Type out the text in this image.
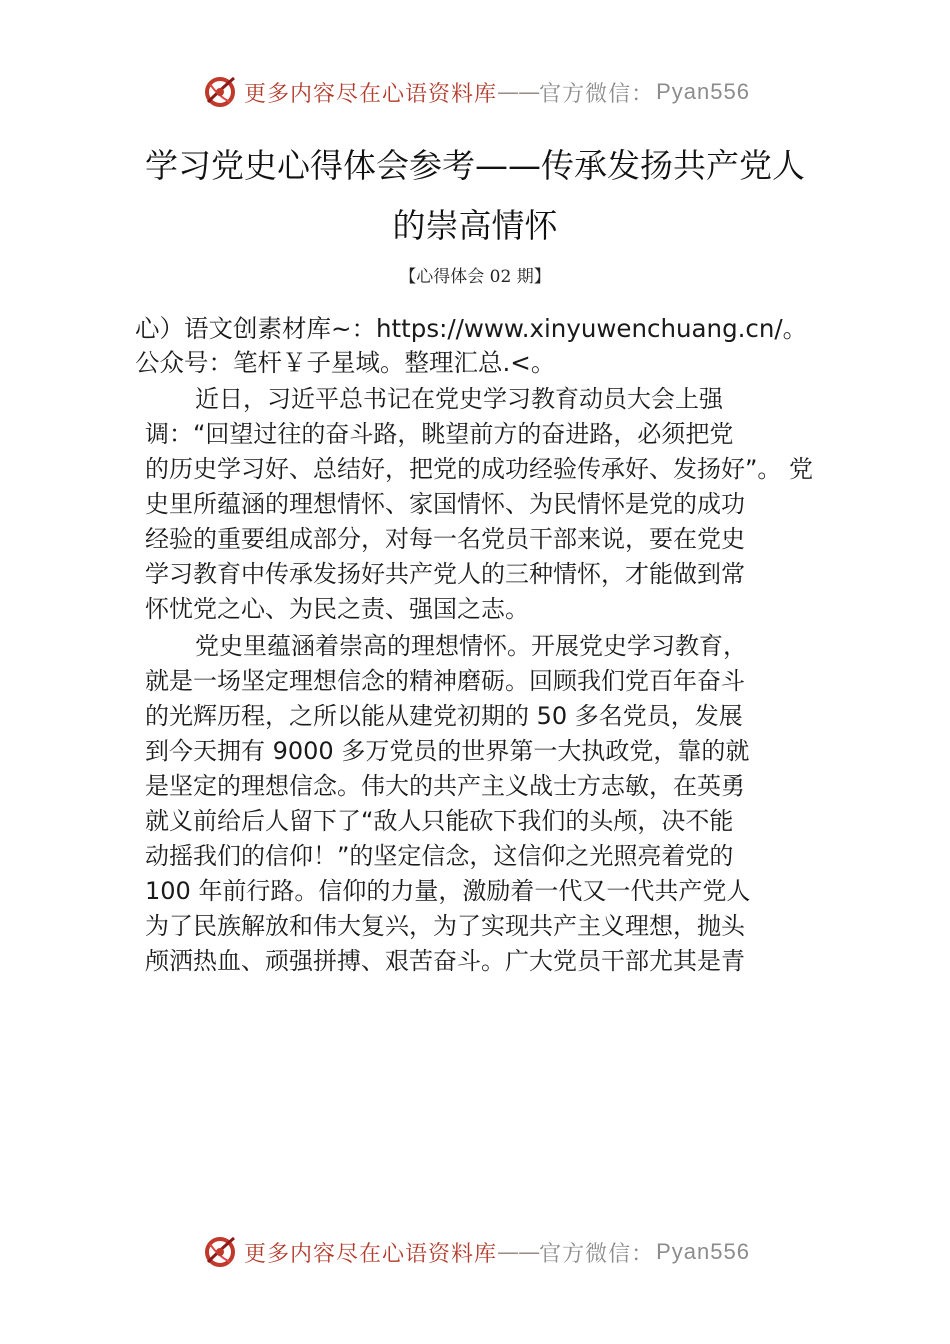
更多内容尽在心语资料库 —— 官方微信： Pyan556
学习党史心得体会参考——传承发扬共产党人
的崇高情怀
【心得体会 02 期】
心）语文创素材库~：https://www.xinyuwenchuang.cn/。
公众号：笔杆￥子星域。整理汇总.<。
近日，习近平总书记在党史学习教育动员大会上强
调：“回望过往的奋斗路，眺望前方的奋进路，必须把党
的历史学习好、总结好，把党的成功经验传承好、发扬好”。 党
史里所蕴涵的理想情怀、家国情怀、为民情怀是党的成功
经验的重要组成部分，对每一名党员干部来说，要在党史
学习教育中传承发扬好共产党人的三种情怀，才能做到常
怀忧党之心、为民之责、强国之志。
党史里蕴涵着崇高的理想情怀。开展党史学习教育，
就是一场坚定理想信念的精神磨砺。回顾我们党百年奋斗
的光辉历程，之所以能从建党初期的 50 多名党员，发展
到今天拥有 9000 多万党员的世界第一大执政党，靠的就
是坚定的理想信念。伟大的共产主义战士方志敏，在英勇
就义前给后人留下了“敌人只能砍下我们的头颅，决不能
动摇我们的信仰！”的坚定信念，这信仰之光照亮着党的
100 年前行路。信仰的力量，激励着一代又一代共产党人
为了民族解放和伟大复兴，为了实现共产主义理想，抛头
颅洒热血、顽强拼搏、艰苦奋斗。广大党员干部尤其是青
更多内容尽在心语资料库 —— 官方微信： Pyan556
